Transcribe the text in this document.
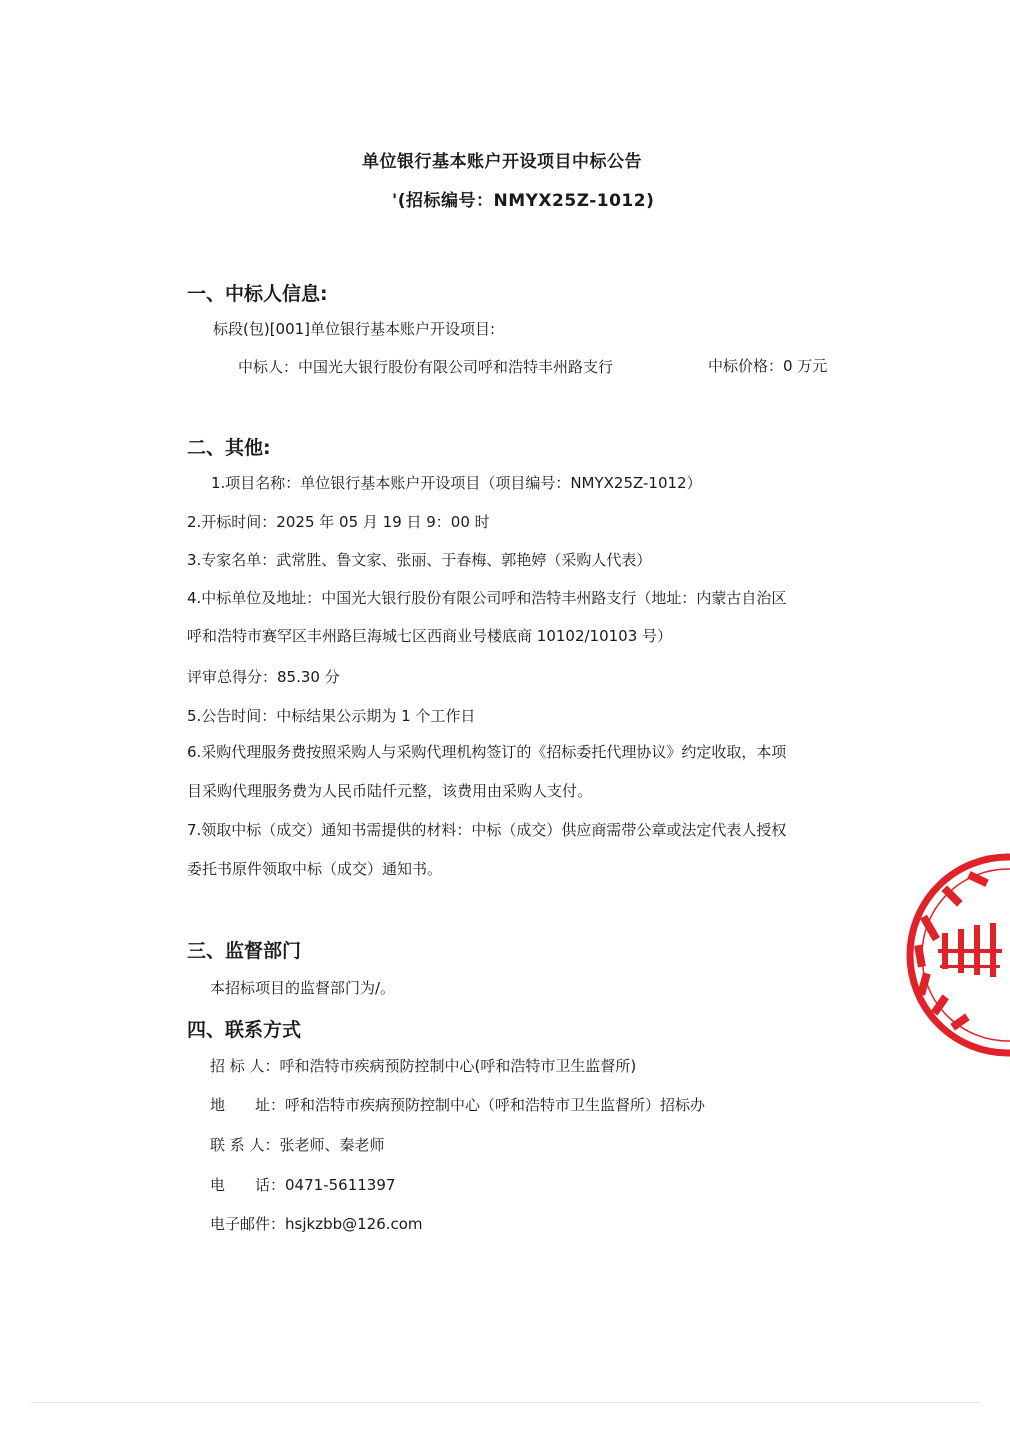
单位银行基本账户开设项目中标公告
'(招标编号：NMYX25Z-1012)
一、中标人信息:
标段(包)[001]单位银行基本账户开设项目:
中标人：中国光大银行股份有限公司呼和浩特丰州路支行	中标价格：0 万元
二、其他:
1.项目名称：单位银行基本账户开设项目（项目编号：NMYX25Z-1012）
2.开标时间：2025 年 05 月 19 日 9：00 时
3.专家名单：武常胜、鲁文家、张丽、于春梅、郭艳婷（采购人代表）
4.中标单位及地址：中国光大银行股份有限公司呼和浩特丰州路支行（地址：内蒙古自治区
呼和浩特市赛罕区丰州路巨海城七区西商业号楼底商 10102/10103 号）
评审总得分：85.30 分
5.公告时间：中标结果公示期为 1 个工作日
6.采购代理服务费按照采购人与采购代理机构签订的《招标委托代理协议》约定收取，本项
目采购代理服务费为人民币陆仟元整，该费用由采购人支付。
7.领取中标（成交）通知书需提供的材料：中标（成交）供应商需带公章或法定代表人授权
委托书原件领取中标（成交）通知书。
三、监督部门
本招标项目的监督部门为/。
四、联系方式
招 标 人：呼和浩特市疾病预防控制中心(呼和浩特市卫生监督所)
地　　址：呼和浩特市疾病预防控制中心（呼和浩特市卫生监督所）招标办
联 系 人：张老师、秦老师
电　　话：0471-5611397
电子邮件：hsjkzbb@126.com
